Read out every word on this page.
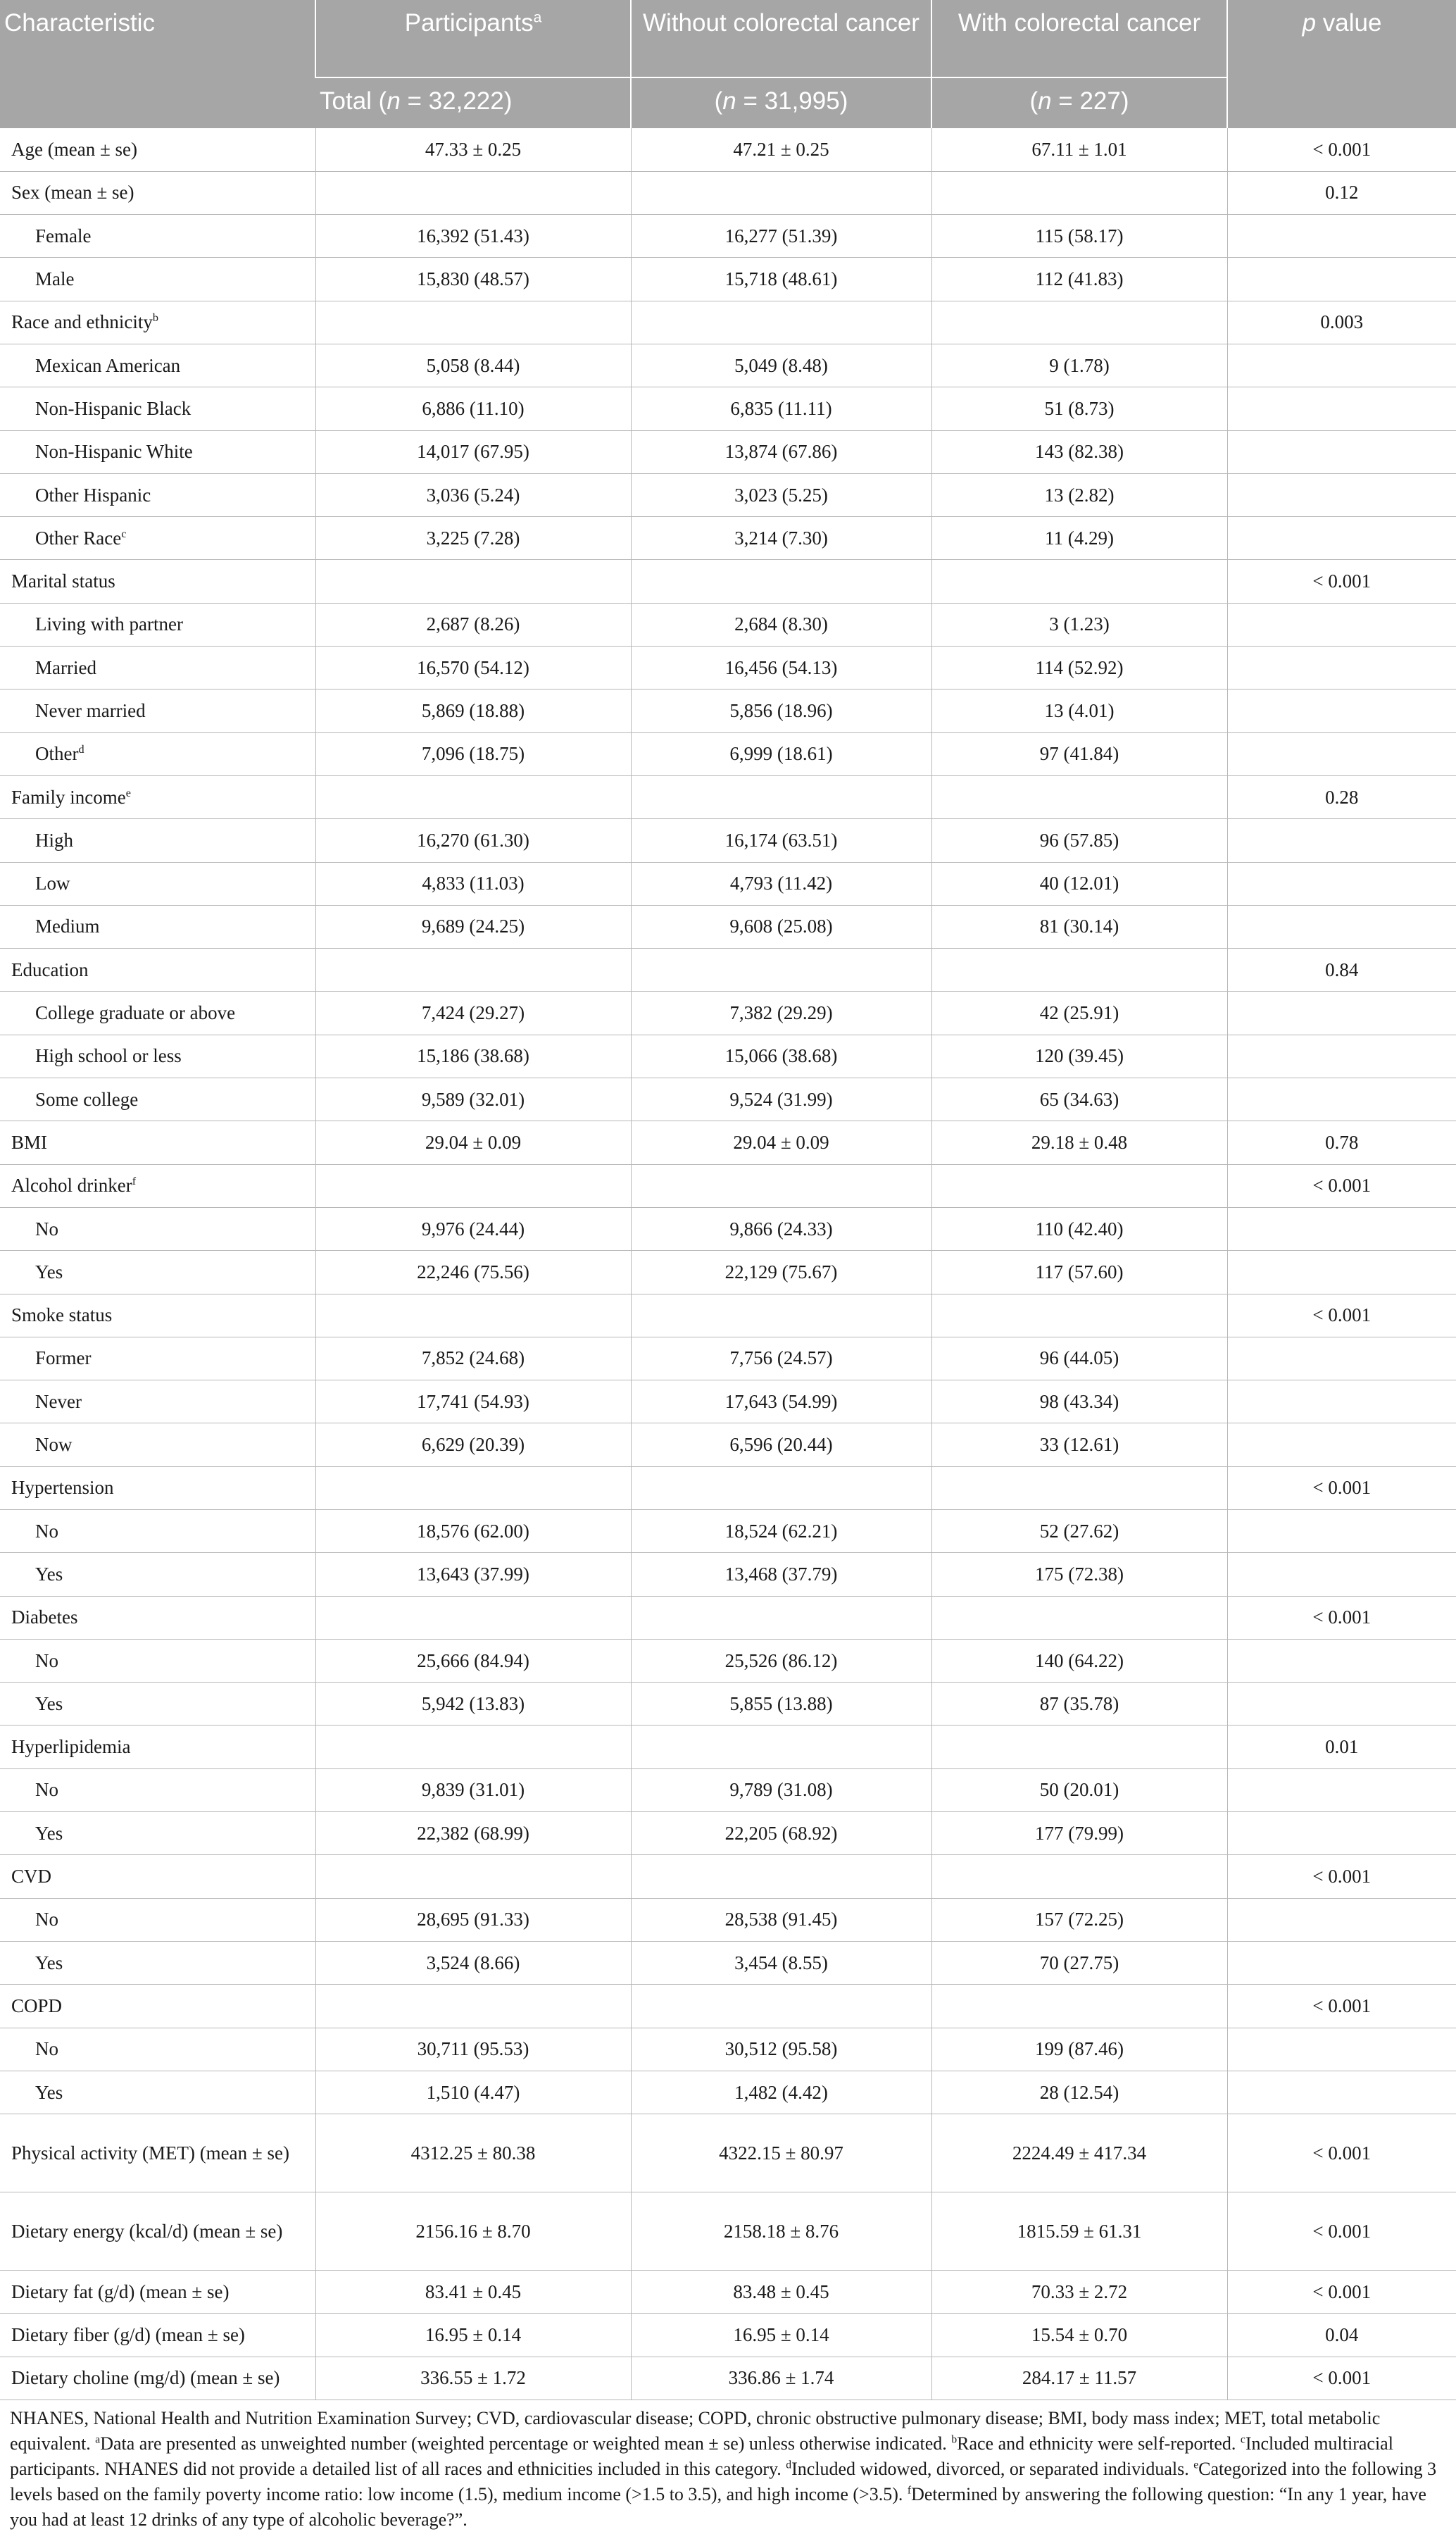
Characteristic	Participants$^a$	Without colorectal cancer	With colorectal cancer	p value
	Total (n = 32,222)	(n = 31,995)	(n = 227)	
Age (mean ± se)	47.33 ± 0.25	47.21 ± 0.25	67.11 ± 1.01	< 0.001
Sex (mean ± se)				0.12
Female	16,392 (51.43)	16,277 (51.39)	115 (58.17)	
Male	15,830 (48.57)	15,718 (48.61)	112 (41.83)	
Race and ethnicity$^b$				0.003
Mexican American	5,058 (8.44)	5,049 (8.48)	9 (1.78)	
Non-Hispanic Black	6,886 (11.10)	6,835 (11.11)	51 (8.73)	
Non-Hispanic White	14,017 (67.95)	13,874 (67.86)	143 (82.38)	
Other Hispanic	3,036 (5.24)	3,023 (5.25)	13 (2.82)	
Other Race$^c$	3,225 (7.28)	3,214 (7.30)	11 (4.29)	
Marital status				< 0.001
Living with partner	2,687 (8.26)	2,684 (8.30)	3 (1.23)	
Married	16,570 (54.12)	16,456 (54.13)	114 (52.92)	
Never married	5,869 (18.88)	5,856 (18.96)	13 (4.01)	
Other$^d$	7,096 (18.75)	6,999 (18.61)	97 (41.84)	
Family income$^e$				0.28
High	16,270 (61.30)	16,174 (63.51)	96 (57.85)	
Low	4,833 (11.03)	4,793 (11.42)	40 (12.01)	
Medium	9,689 (24.25)	9,608 (25.08)	81 (30.14)	
Education				0.84
College graduate or above	7,424 (29.27)	7,382 (29.29)	42 (25.91)	
High school or less	15,186 (38.68)	15,066 (38.68)	120 (39.45)	
Some college	9,589 (32.01)	9,524 (31.99)	65 (34.63)	
BMI	29.04 ± 0.09	29.04 ± 0.09	29.18 ± 0.48	0.78
Alcohol drinker$^f$				< 0.001
No	9,976 (24.44)	9,866 (24.33)	110 (42.40)	
Yes	22,246 (75.56)	22,129 (75.67)	117 (57.60)	
Smoke status				< 0.001
Former	7,852 (24.68)	7,756 (24.57)	96 (44.05)	
Never	17,741 (54.93)	17,643 (54.99)	98 (43.34)	
Now	6,629 (20.39)	6,596 (20.44)	33 (12.61)	
Hypertension				< 0.001
No	18,576 (62.00)	18,524 (62.21)	52 (27.62)	
Yes	13,643 (37.99)	13,468 (37.79)	175 (72.38)	
Diabetes				< 0.001
No	25,666 (84.94)	25,526 (86.12)	140 (64.22)	
Yes	5,942 (13.83)	5,855 (13.88)	87 (35.78)	
Hyperlipidemia				0.01
No	9,839 (31.01)	9,789 (31.08)	50 (20.01)	
Yes	22,382 (68.99)	22,205 (68.92)	177 (79.99)	
CVD				< 0.001
No	28,695 (91.33)	28,538 (91.45)	157 (72.25)	
Yes	3,524 (8.66)	3,454 (8.55)	70 (27.75)	
COPD				< 0.001
No	30,711 (95.53)	30,512 (95.58)	199 (87.46)	
Yes	1,510 (4.47)	1,482 (4.42)	28 (12.54)	
Physical activity (MET) (mean ± se)	4312.25 ± 80.38	4322.15 ± 80.97	2224.49 ± 417.34	< 0.001
Dietary energy (kcal/d) (mean ± se)	2156.16 ± 8.70	2158.18 ± 8.76	1815.59 ± 61.31	< 0.001
Dietary fat (g/d) (mean ± se)	83.41 ± 0.45	83.48 ± 0.45	70.33 ± 2.72	< 0.001
Dietary fiber (g/d) (mean ± se)	16.95 ± 0.14	16.95 ± 0.14	15.54 ± 0.70	0.04
Dietary choline (mg/d) (mean ± se)	336.55 ± 1.72	336.86 ± 1.74	284.17 ± 11.57	< 0.001
NHANES, National Health and Nutrition Examination Survey; CVD, cardiovascular disease; COPD, chronic obstructive pulmonary disease; BMI, body mass index; MET, total metabolic equivalent. $^a$Data are presented as unweighted number (weighted percentage or weighted mean ± se) unless otherwise indicated. $^b$Race and ethnicity were self-reported. $^c$Included multiracial participants. NHANES did not provide a detailed list of all races and ethnicities included in this category. $^d$Included widowed, divorced, or separated individuals. $^e$Categorized into the following 3 levels based on the family poverty income ratio: low income (1.5), medium income (>1.5 to 3.5), and high income (>3.5). $^f$Determined by answering the following question: “In any 1 year, have you had at least 12 drinks of any type of alcoholic beverage?”.
